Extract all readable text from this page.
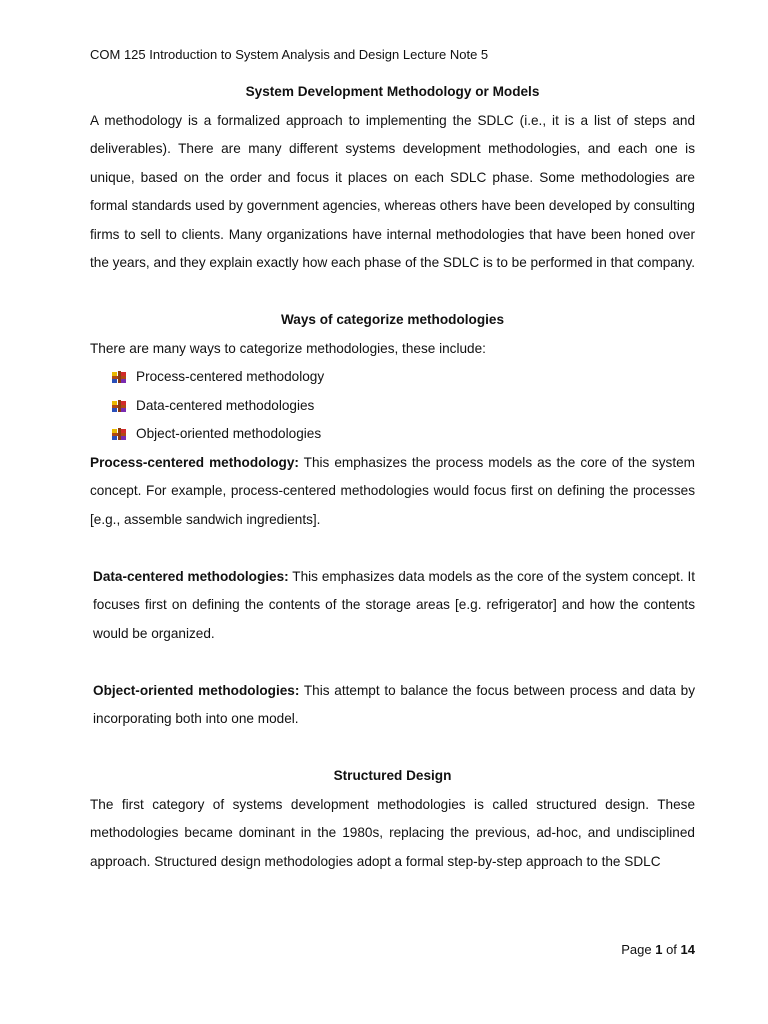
COM 125 Introduction to System Analysis and Design Lecture Note 5

System Development Methodology or Models

A methodology is a formalized approach to implementing the SDLC (i.e., it is a list of steps and deliverables). There are many different systems development methodologies, and each one is unique, based on the order and focus it places on each SDLC phase. Some methodologies are formal standards used by government agencies, whereas others have been developed by consulting firms to sell to clients. Many organizations have internal methodologies that have been honed over the years, and they explain exactly how each phase of the SDLC is to be performed in that company.

Ways of categorize methodologies

There are many ways to categorize methodologies, these include:

Process-centered methodology
Data-centered methodologies
Object-oriented methodologies

Process-centered methodology: This emphasizes the process models as the core of the system concept. For example, process-centered methodologies would focus first on defining the processes [e.g., assemble sandwich ingredients].

Data-centered methodologies: This emphasizes data models as the core of the system concept. It focuses first on defining the contents of the storage areas [e.g. refrigerator] and how the contents would be organized.

Object-oriented methodologies: This attempt to balance the focus between process and data by incorporating both into one model.

Structured Design

The first category of systems development methodologies is called structured design. These methodologies became dominant in the 1980s, replacing the previous, ad-hoc, and undisciplined approach. Structured design methodologies adopt a formal step-by-step approach to the SDLC

Page 1 of 14
